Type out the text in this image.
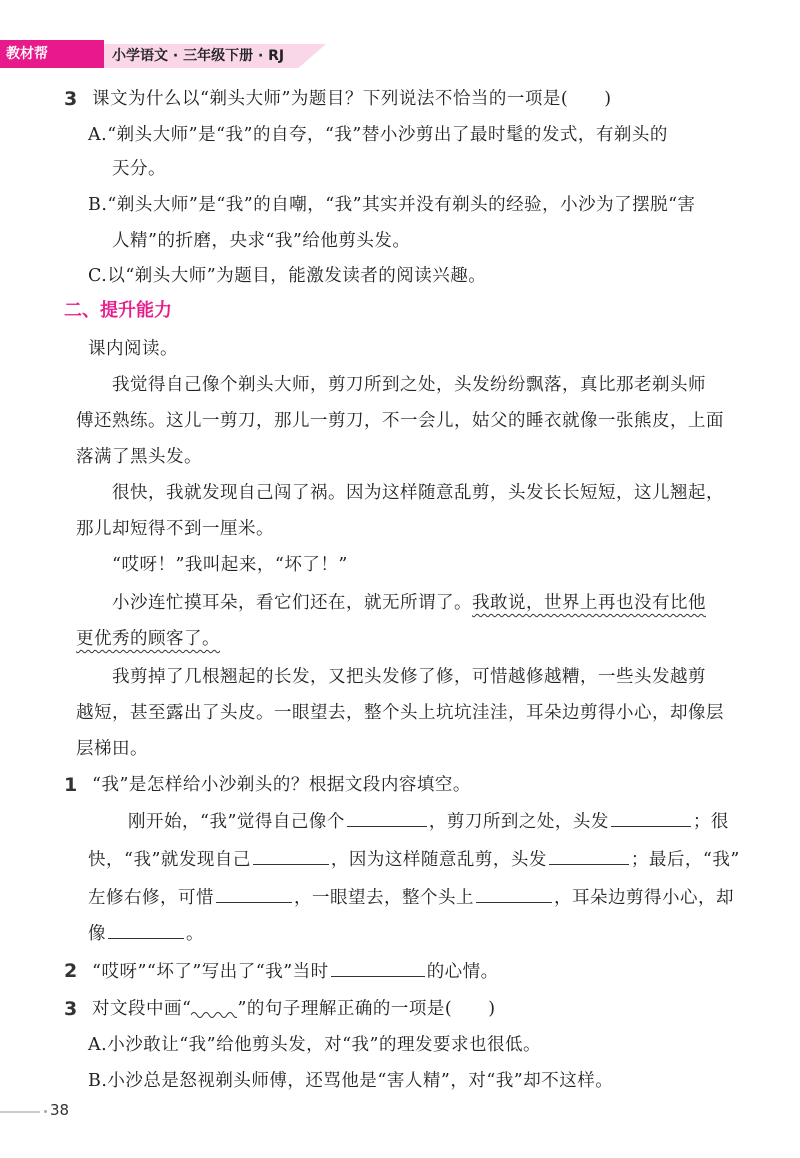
教材帮	小学语文 · 三年级下册 · RJ
3 课文为什么以“剃头大师”为题目？下列说法不恰当的一项是(　　)
A.“剃头大师”是“我”的自夸，“我”替小沙剪出了最时髦的发式，有剃头的
天分。
B.“剃头大师”是“我”的自嘲，“我”其实并没有剃头的经验，小沙为了摆脱“害
人精”的折磨，央求“我”给他剪头发。
C.以“剃头大师”为题目，能激发读者的阅读兴趣。
二、提升能力
课内阅读。
我觉得自己像个剃头大师，剪刀所到之处，头发纷纷飘落，真比那老剃头师
傅还熟练。这儿一剪刀，那儿一剪刀，不一会儿，姑父的睡衣就像一张熊皮，上面
落满了黑头发。
很快，我就发现自己闯了祸。因为这样随意乱剪，头发长长短短，这儿翘起，
那儿却短得不到一厘米。
“哎呀！”我叫起来，“坏了！”
小沙连忙摸耳朵，看它们还在，就无所谓了。我敢说，世界上再也没有比他
更优秀的顾客了。
我剪掉了几根翘起的长发，又把头发修了修，可惜越修越糟，一些头发越剪
越短，甚至露出了头皮。一眼望去，整个头上坑坑洼洼，耳朵边剪得小心，却像层
层梯田。
1 “我”是怎样给小沙剃头的？根据文段内容填空。
刚开始，“我”觉得自己像个	，剪刀所到之处，头发	；很
快，“我”就发现自己	，因为这样随意乱剪，头发	；最后，“我”
左修右修，可惜	，一眼望去，整个头上	，耳朵边剪得小心，却
像	。
2 “哎呀”“坏了”写出了“我”当时	的心情。
3 对文段中画“	”的句子理解正确的一项是(　　)
A.小沙敢让“我”给他剪头发，对“我”的理发要求也很低。
B.小沙总是怒视剃头师傅，还骂他是“害人精”，对“我”却不这样。
38
